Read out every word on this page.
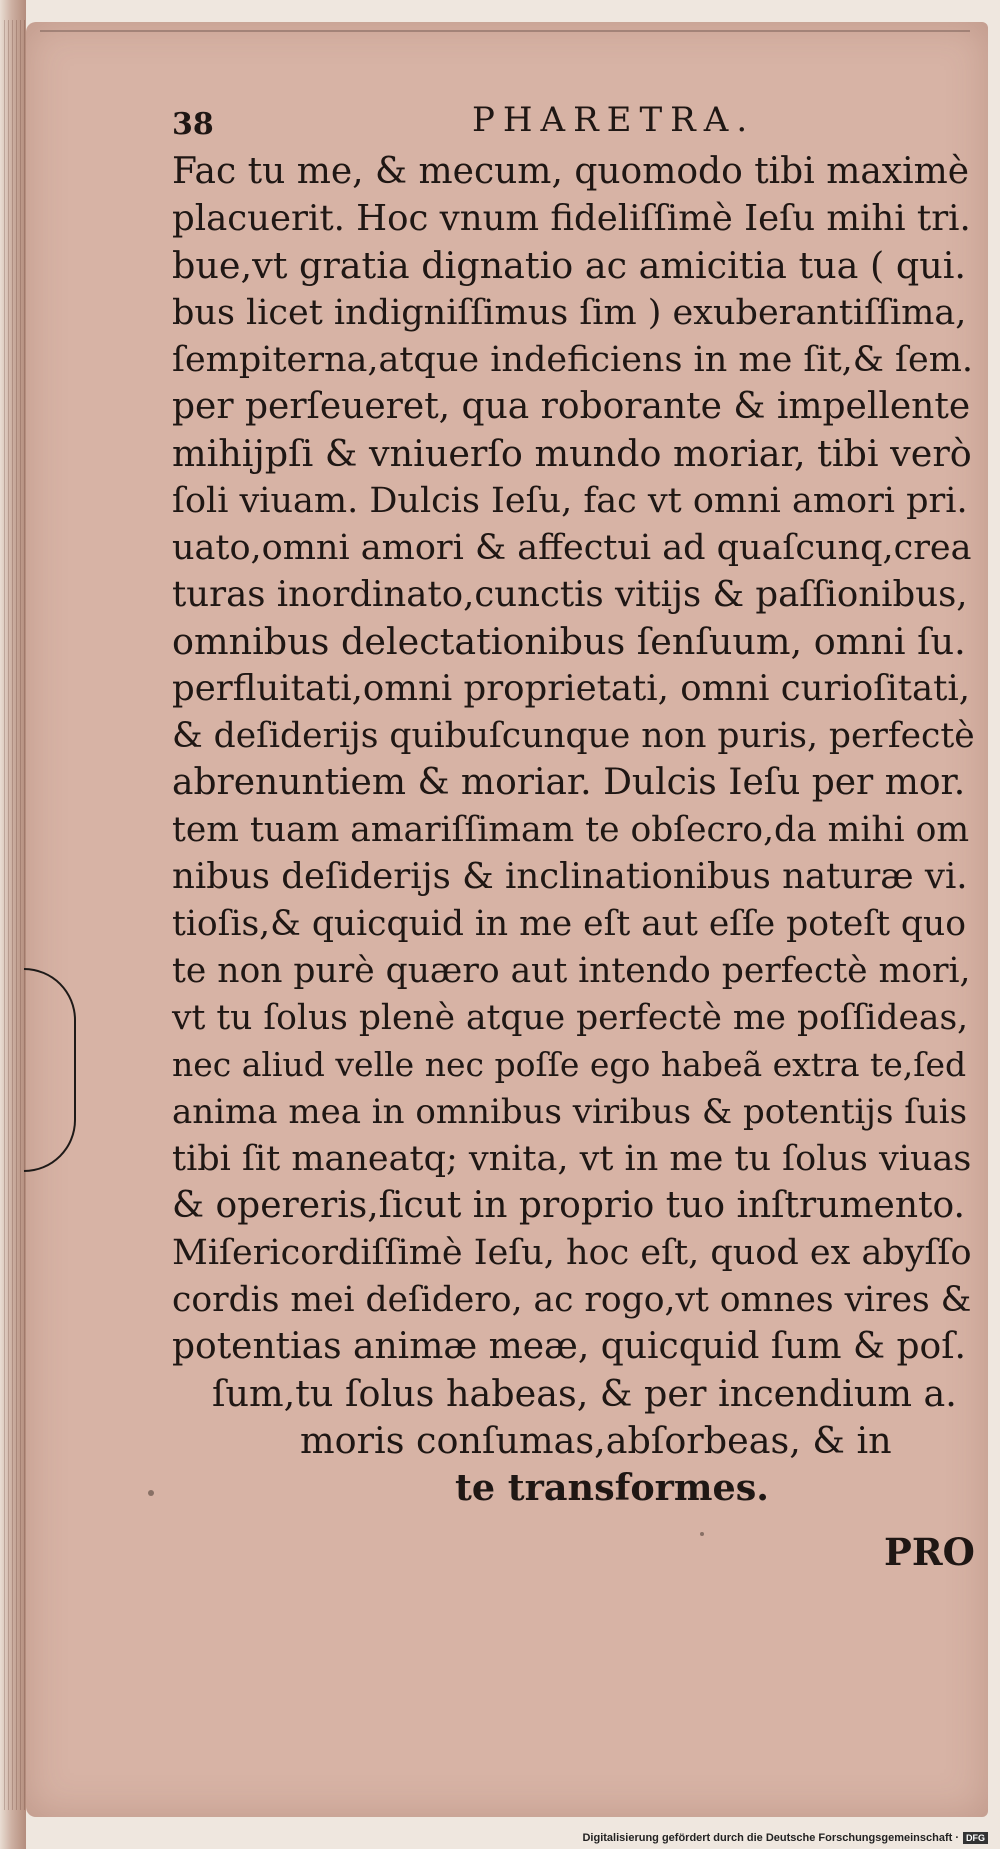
38	PHARETRA.
Fac tu me, & mecum, quomodo tibi maximè
placuerit. Hoc vnum fideliſſimè Ieſu mihi tri.
bue,vt gratia dignatio ac amicitia tua ( qui.
bus licet indigniſſimus ſim ) exuberantiſſima,
ſempiterna,atque indeficiens in me ſit,& ſem.
per perſeueret, qua roborante & impellente
mihijpſi & vniuerſo mundo moriar, tibi verò
ſoli viuam. Dulcis Ieſu, fac vt omni amori pri.
uato,omni amori & affectui ad quaſcunq,crea
turas inordinato,cunctis vitijs & paſſionibus,
omnibus delectationibus ſenſuum, omni ſu.
perfluitati,omni proprietati, omni curioſitati,
& deſiderijs quibuſcunque non puris, perfectè
abrenuntiem & moriar. Dulcis Ieſu per mor.
tem tuam amariſſimam te obſecro,da mihi om
nibus deſiderijs & inclinationibus naturæ vi.
tioſis,& quicquid in me eſt aut eſſe poteſt quo
te non purè quæro aut intendo perfectè mori,
vt tu ſolus plenè atque perfectè me poſſideas,
nec aliud velle nec poſſe ego habeã extra te,ſed
anima mea in omnibus viribus & potentijs ſuis
tibi ſit maneatq; vnita, vt in me tu ſolus viuas
& opereris,ſicut in proprio tuo inſtrumento.
Miſericordiſſimè Ieſu, hoc eſt, quod ex abyſſo
cordis mei deſidero, ac rogo,vt omnes vires &
potentias animæ meæ, quicquid ſum & poſ.
ſum,tu ſolus habeas, & per incendium a.
moris conſumas,abſorbeas, & in
te transformes.
PRO
Digitalisierung gefördert durch die Deutsche Forschungsgemeinschaft · DFG
